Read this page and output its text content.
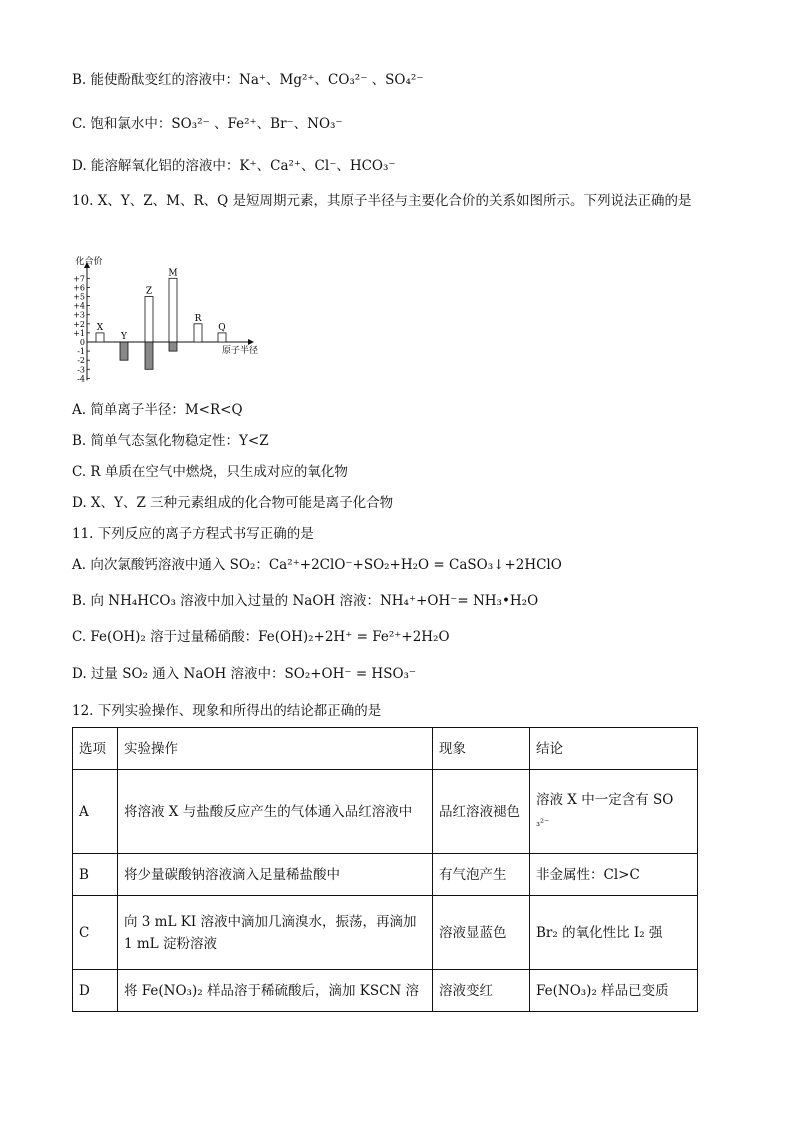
B. 能使酚酞变红的溶液中：Na⁺、Mg²⁺、CO₃²⁻ 、SO₄²⁻
C. 饱和氯水中：SO₃²⁻ 、Fe²⁺、Br⁻、NO₃⁻
D. 能溶解氧化铝的溶液中：K⁺、Ca²⁺、Cl⁻、HCO₃⁻
10. X、Y、Z、M、R、Q 是短周期元素，其原子半径与主要化合价的关系如图所示。下列说法正确的是
化合价
原子半径
+7
+6
+5
+4
+3
+2
+1
0
-1
-2
-3
-4
X
Y
Z
M
R
Q
A. 简单离子半径：M<R<Q
B. 简单气态氢化物稳定性：Y<Z
C. R 单质在空气中燃烧，只生成对应的氧化物
D. X、Y、Z 三种元素组成的化合物可能是离子化合物
11. 下列反应的离子方程式书写正确的是
A. 向次氯酸钙溶液中通入 SO₂：Ca²⁺+2ClO⁻+SO₂+H₂O = CaSO₃↓+2HClO
B. 向 NH₄HCO₃ 溶液中加入过量的 NaOH 溶液：NH₄⁺+OH⁻= NH₃•H₂O
C. Fe(OH)₂ 溶于过量稀硝酸：Fe(OH)₂+2H⁺ = Fe²⁺+2H₂O
D. 过量 SO₂ 通入 NaOH 溶液中：SO₂+OH⁻ = HSO₃⁻
12. 下列实验操作、现象和所得出的结论都正确的是
选项	实验操作	现象	结论
A	将溶液 X 与盐酸反应产生的气体通入品红溶液中	品红溶液褪色	溶液 X 中一定含有 SO
₃²⁻
B	将少量碳酸钠溶液滴入足量稀盐酸中	有气泡产生	非金属性：Cl>C
C	向 3 mL KI 溶液中滴加几滴溴水，振荡，再滴加
1 mL 淀粉溶液	溶液显蓝色	Br₂ 的氧化性比 I₂ 强
D	将 Fe(NO₃)₂ 样品溶于稀硫酸后，滴加 KSCN 溶	溶液变红	Fe(NO₃)₂ 样品已变质
